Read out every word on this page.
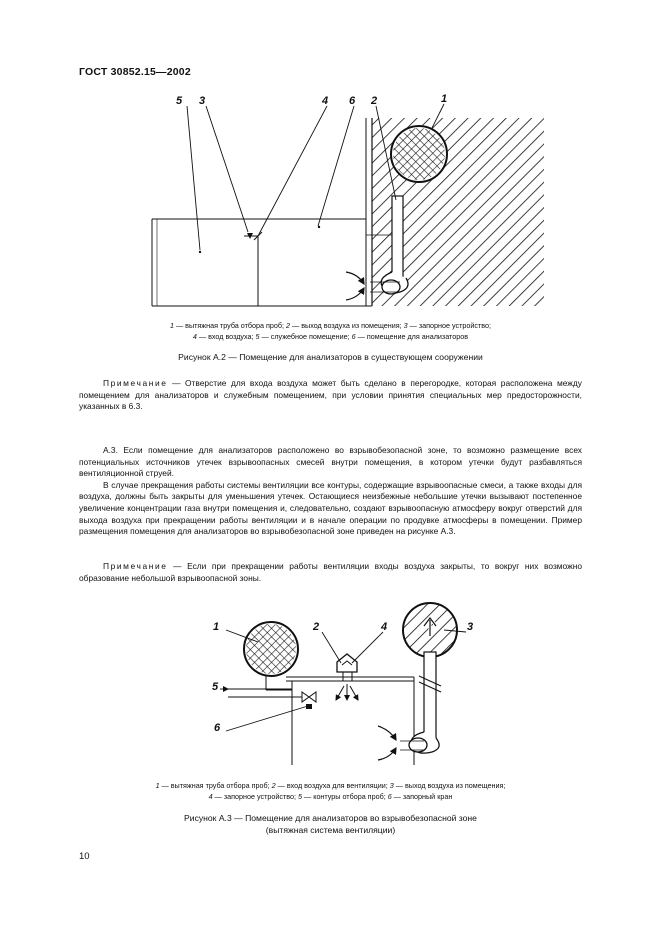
ГОСТ 30852.15—2002
5 3	4 6 2	1
1	2	4	3
5
6
1 — вытяжная труба отбора проб; 2 — выход воздуха из помещения; 3 — запорное устройство;
4 — вход воздуха; 5 — служебное помещение; 6 — помещение для анализаторов
Рисунок А.2 — Помещение для анализаторов в существующем сооружении

Примечание — Отверстие для входа воздуха может быть сделано в перегородке, которая расположена между помещением для анализаторов и служебным помещением, при условии принятия специальных мер предосторожности, указанных в 6.3.

А.3. Если помещение для анализаторов расположено во взрывобезопасной зоне, то возможно размещение всех потенциальных источников утечек взрывоопасных смесей внутри помещения, в котором утечки будут разбавляться вентиляционной струей.

В случае прекращения работы системы вентиляции все контуры, содержащие взрывоопасные смеси, а также входы для воздуха, должны быть закрыты для уменьшения утечек. Остающиеся неизбежные небольшие утечки вызывают постепенное увеличение концентрации газа внутри помещения и, следовательно, создают взрывоопасную атмосферу вокруг отверстий для выхода воздуха при прекращении работы вентиляции и в начале операции по продувке атмосферы в помещении. Пример размещения помещения для анализаторов во взрывобезопасной зоне приведен на рисунке А.3.

Примечание — Если при прекращении работы вентиляции входы воздуха закрыты, то вокруг них возможно образование небольшой взрывоопасной зоны.

1 — вытяжная труба отбора проб; 2 — вход воздуха для вентиляции; 3 — выход воздуха из помещения;
4 — запорное устройство; 5 — контуры отбора проб; 6 — запорный кран
Рисунок А.3 — Помещение для анализаторов во взрывобезопасной зоне
(вытяжная система вентиляции)
10
